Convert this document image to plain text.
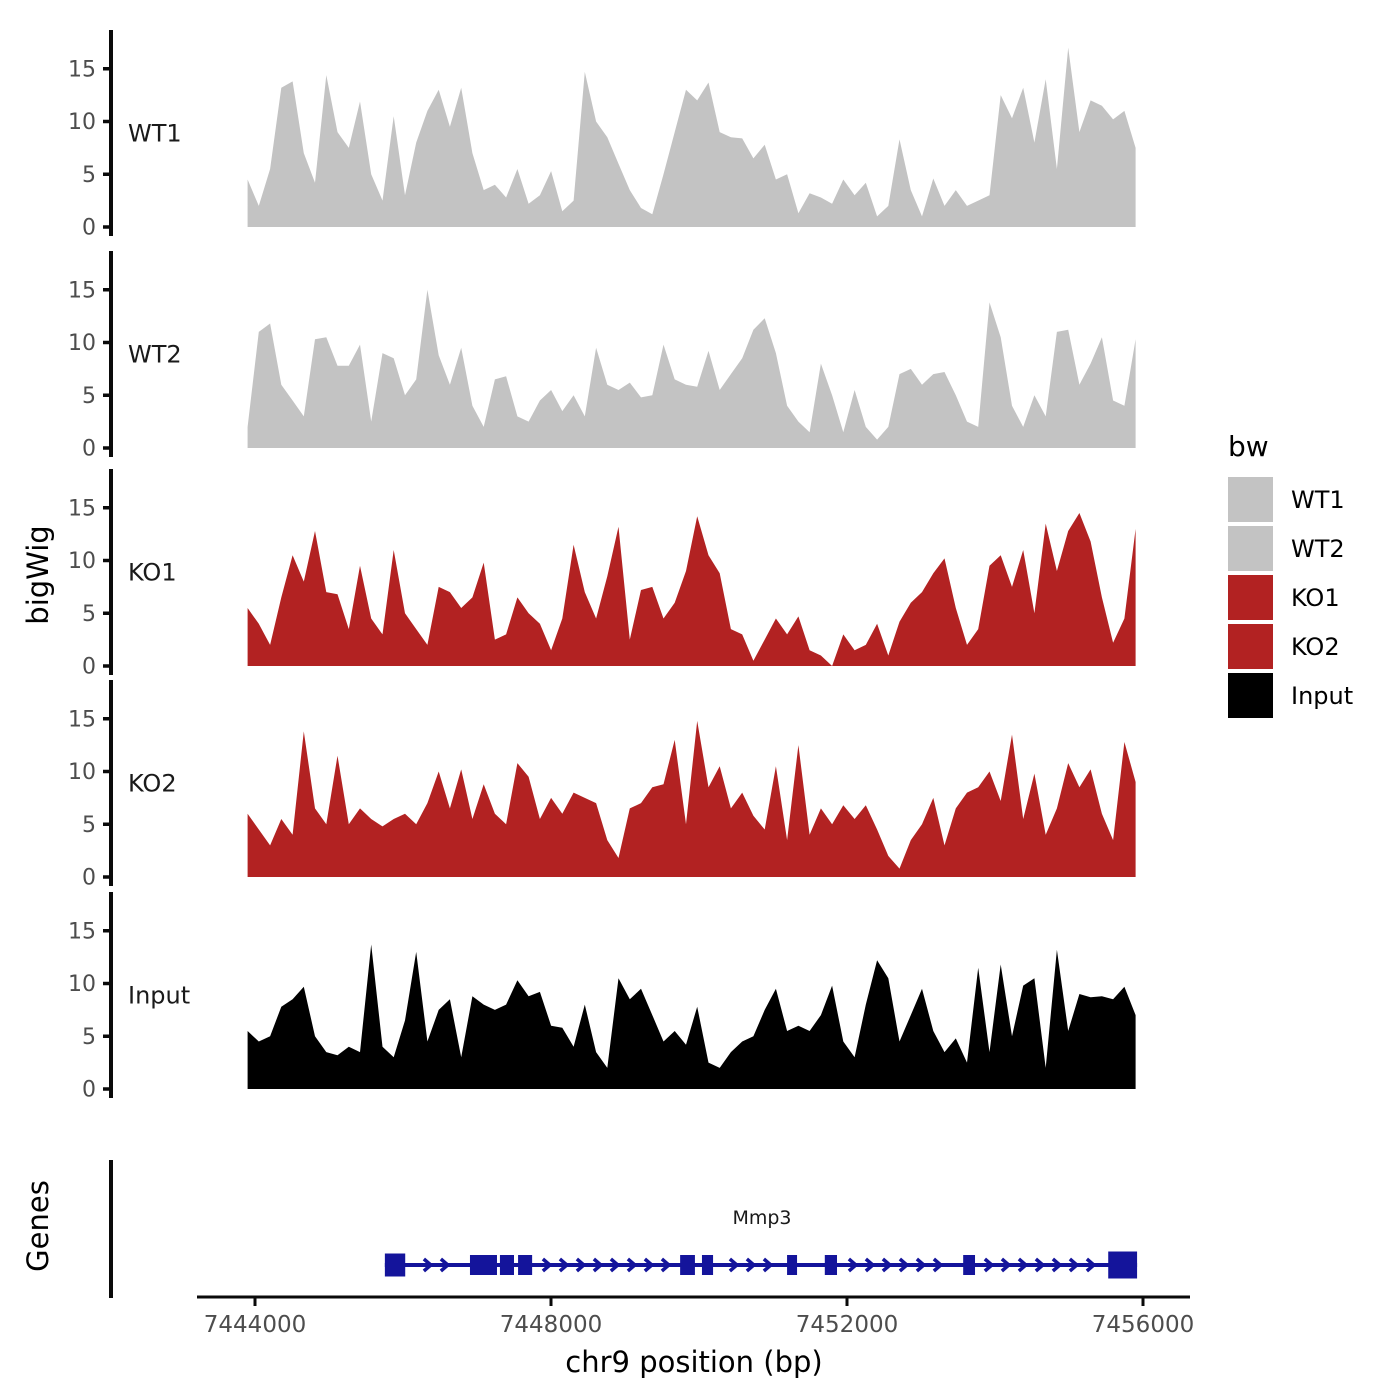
0
5
10
15
WT1
0
5
10
15
WT2
0
5
10
15
KO1
0
5
10
15
KO2
0
5
10
15
Input
7444000	7448000	7452000	7456000
bigWig
Genes
chr9 position (bp)
Mmp3
bw
WT1
WT2
KO1
KO2
Input
